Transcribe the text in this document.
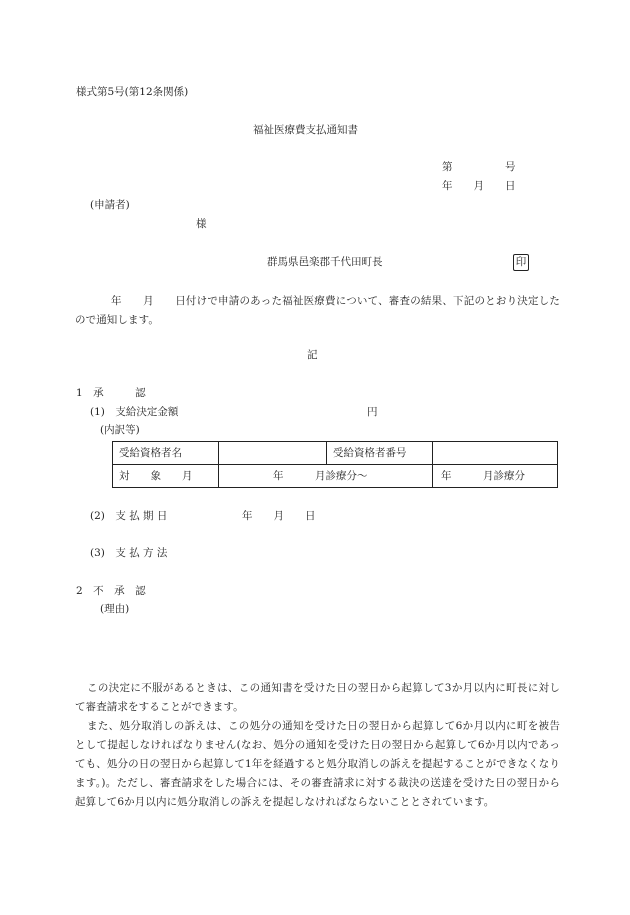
様式第5号(第12条関係)
福祉医療費支払通知書
第　　　　　号
年　　月　　日
(申請者)
様
群馬県邑楽郡千代田町長	印
年　　月　　日付けで申請のあった福祉医療費について、審査の結果、下記のとおり決定したので通知します。
記
1　承　　　認
(1)　支給決定金額	円
(内訳等)
受給資格者名		受給資格者番号	
対　　象　　月	年　　　月診療分～		年　　　月診療分
(2)　支 払 期 日	年　　月　　日
(3)　支 払 方 法
2　不　承　認
(理由)
この決定に不服があるときは、この通知書を受けた日の翌日から起算して3か月以内に町長に対して審査請求をすることができます。
また、処分取消しの訴えは、この処分の通知を受けた日の翌日から起算して6か月以内に町を被告として提起しなければなりません(なお、処分の通知を受けた日の翌日から起算して6か月以内であっても、処分の日の翌日から起算して1年を経過すると処分取消しの訴えを提起することができなくなります。)。ただし、審査請求をした場合には、その審査請求に対する裁決の送達を受けた日の翌日から起算して6か月以内に処分取消しの訴えを提起しなければならないこととされています。
